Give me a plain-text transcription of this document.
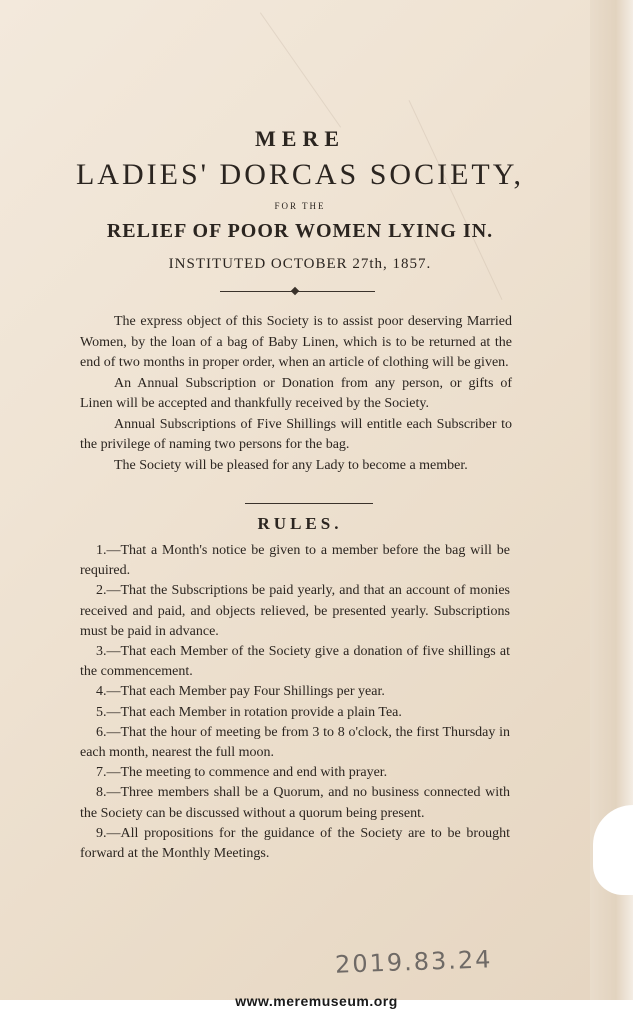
MERE
LADIES' DORCAS SOCIETY,
FOR THE
RELIEF OF POOR WOMEN LYING IN.
INSTITUTED OCTOBER 27th, 1857.

The express object of this Society is to assist poor deserving Married Women, by the loan of a bag of Baby Linen, which is to be returned at the end of two months in proper order, when an article of clothing will be given.

An Annual Subscription or Donation from any person, or gifts of Linen will be accepted and thankfully received by the Society.

Annual Subscriptions of Five Shillings will entitle each Subscriber to the privilege of naming two persons for the bag.

The Society will be pleased for any Lady to become a member.

RULES.

1.—That a Month's notice be given to a member before the bag will be required.

2.—That the Subscriptions be paid yearly, and that an account of monies received and paid, and objects relieved, be presented yearly. Subscriptions must be paid in advance.

3.—That each Member of the Society give a donation of five shillings at the commencement.

4.—That each Member pay Four Shillings per year.

5.—That each Member in rotation provide a plain Tea.

6.—That the hour of meeting be from 3 to 8 o'clock, the first Thursday in each month, nearest the full moon.

7.—The meeting to commence and end with prayer.

8.—Three members shall be a Quorum, and no business connected with the Society can be discussed without a quorum being present.

9.—All propositions for the guidance of the Society are to be brought forward at the Monthly Meetings.

2019.83.24
www.meremuseum.org
